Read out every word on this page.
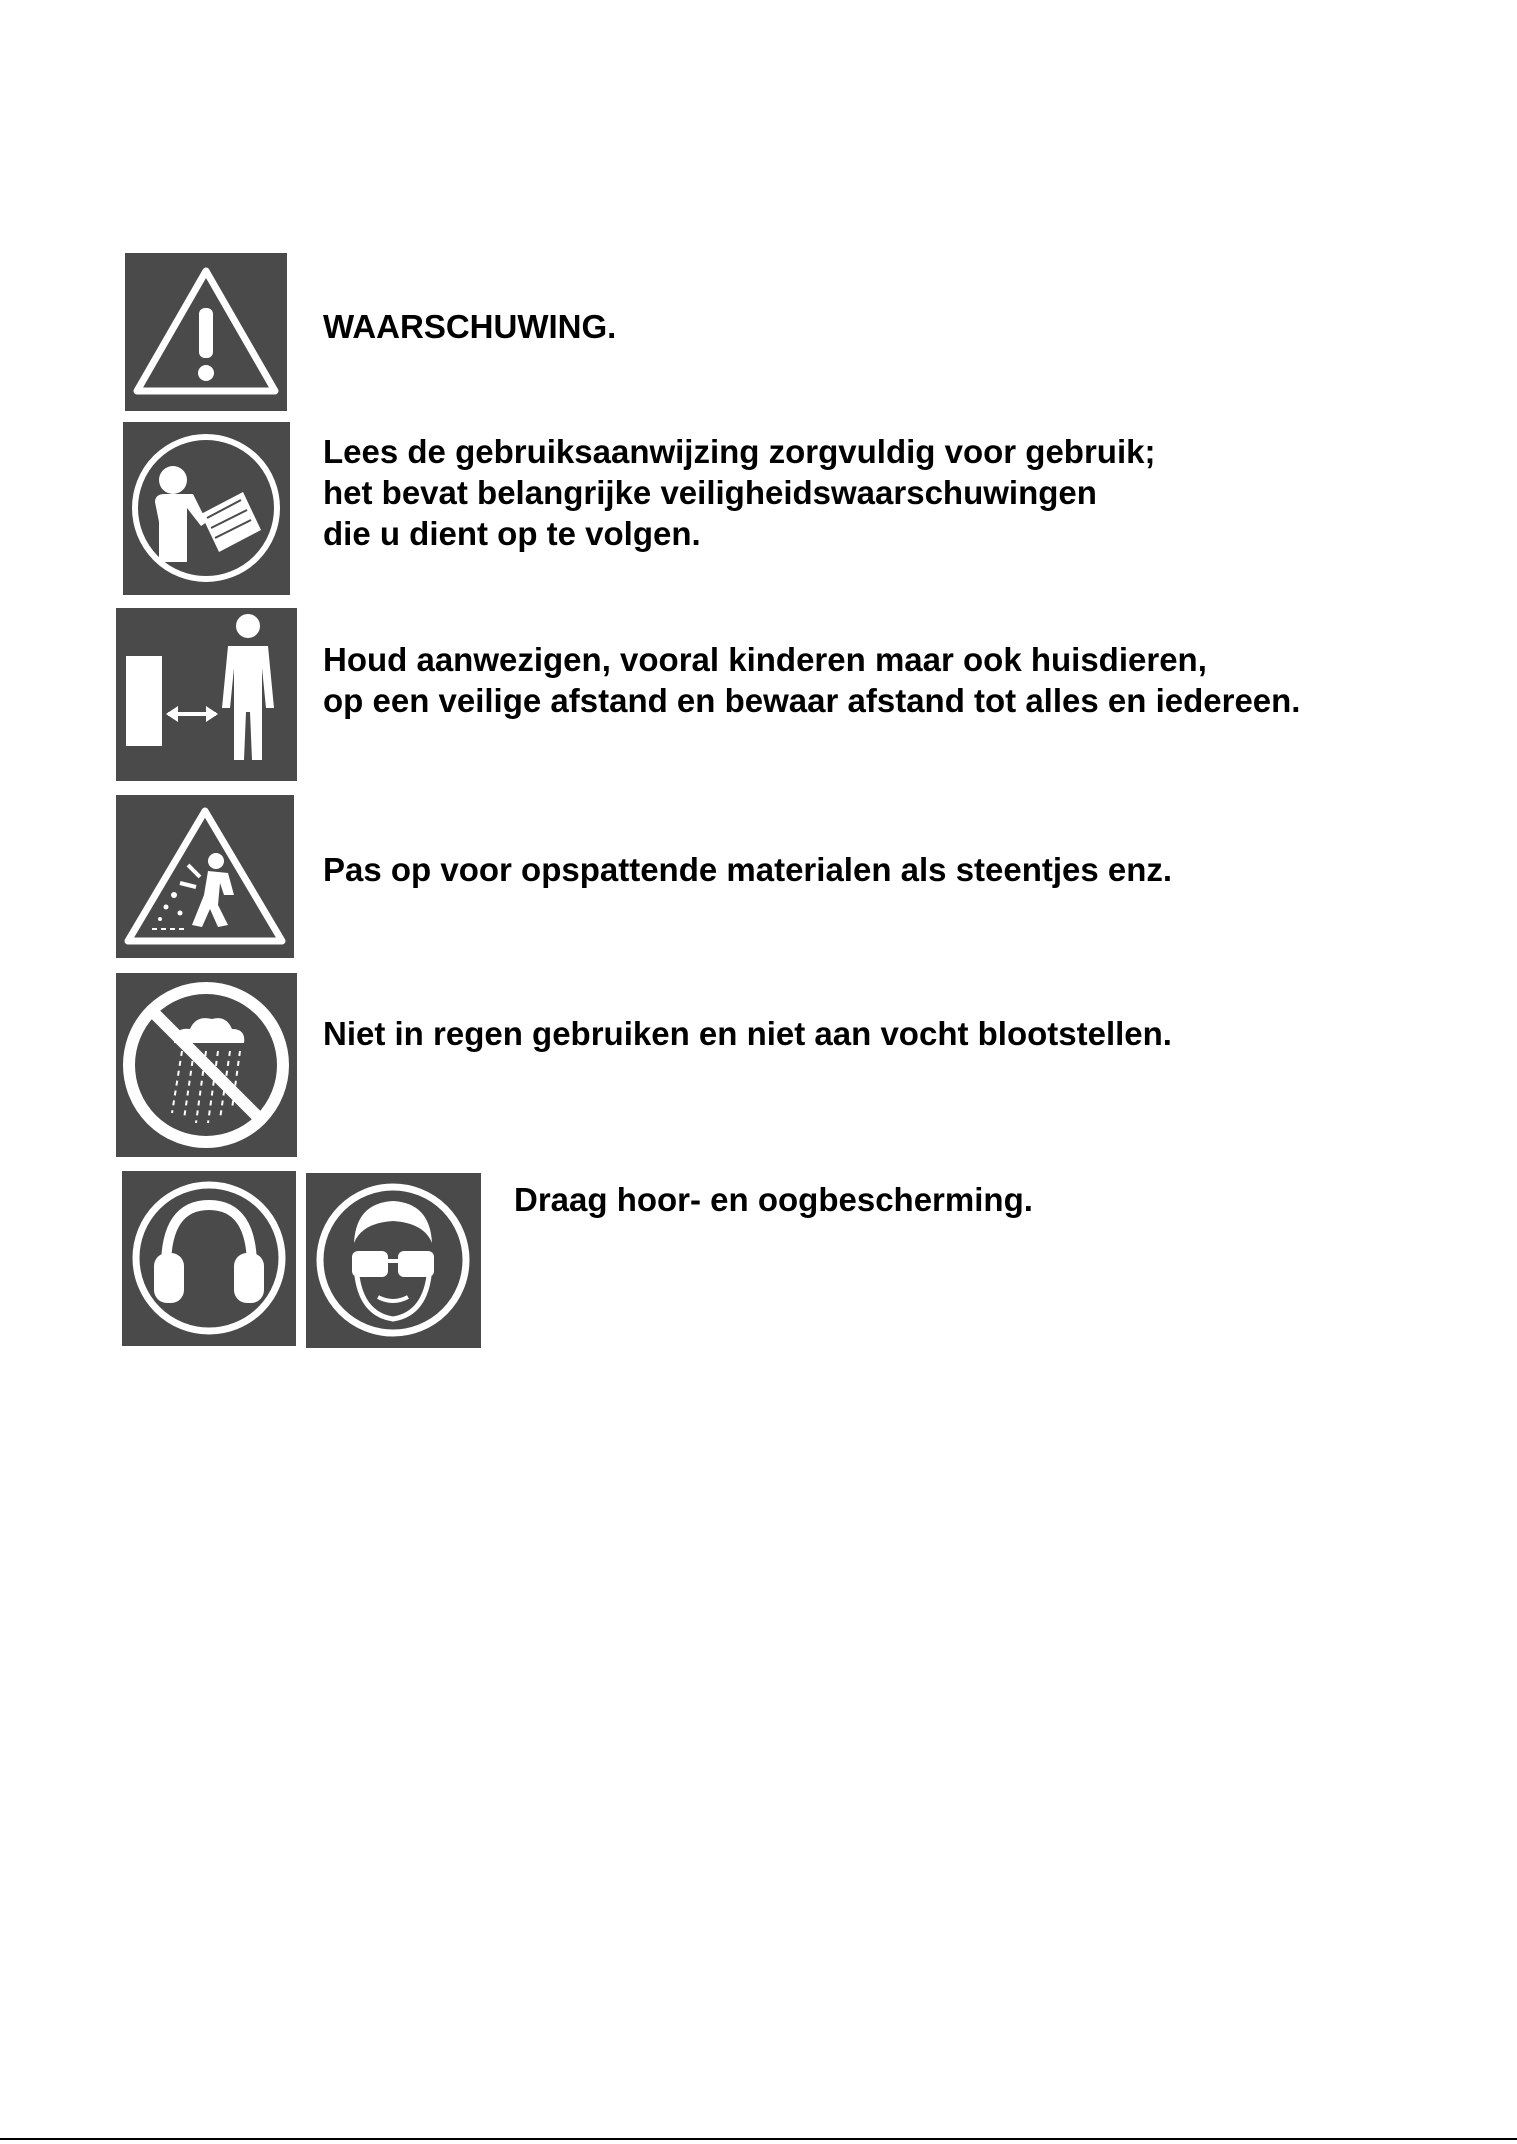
WAARSCHUWING.

Lees de gebruiksaanwijzing zorgvuldig voor gebruik;
het bevat belangrijke veiligheidswaarschuwingen
die u dient op te volgen.

Houd aanwezigen, vooral kinderen maar ook huisdieren,
op een veilige afstand en bewaar afstand tot alles en iedereen.

Pas op voor opspattende materialen als steentjes enz.

Niet in regen gebruiken en niet aan vocht blootstellen.

Draag hoor- en oogbescherming.
